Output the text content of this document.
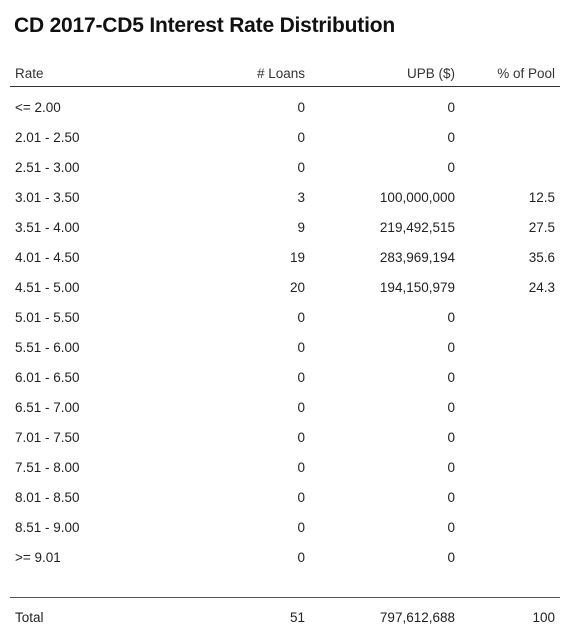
CD 2017-CD5 Interest Rate Distribution
Rate	# Loans	UPB ($)	% of Pool
<= 2.00	0	0
2.01 - 2.50	0	0
2.51 - 3.00	0	0
3.01 - 3.50	3	100,000,000	12.5
3.51 - 4.00	9	219,492,515	27.5
4.01 - 4.50	19	283,969,194	35.6
4.51 - 5.00	20	194,150,979	24.3
5.01 - 5.50	0	0
5.51 - 6.00	0	0
6.01 - 6.50	0	0
6.51 - 7.00	0	0
7.01 - 7.50	0	0
7.51 - 8.00	0	0
8.01 - 8.50	0	0
8.51 - 9.00	0	0
>= 9.01	0	0
Total	51	797,612,688	100
